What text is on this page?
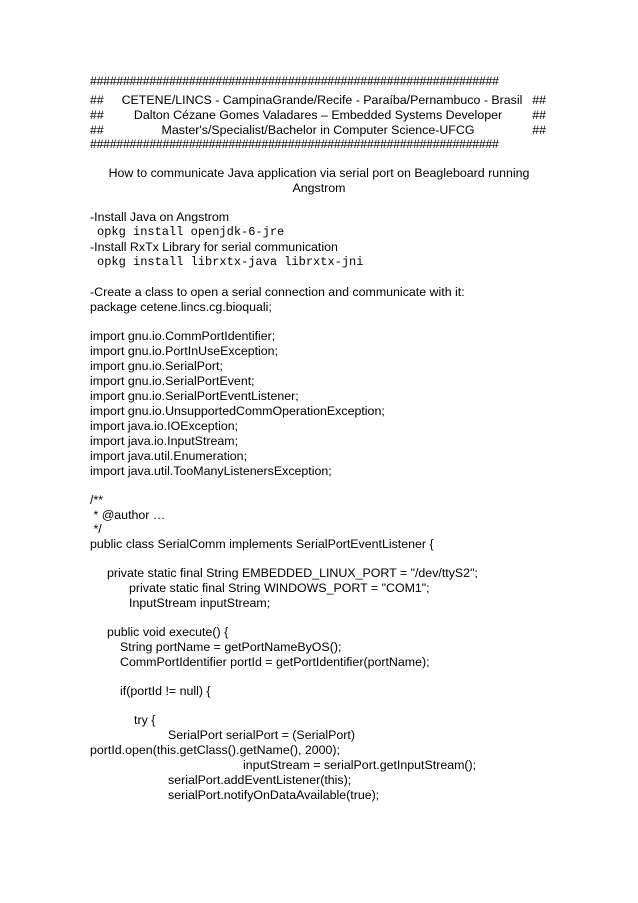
##############################################################
##	CETENE/LINCS - CampinaGrande/Recife - Paraíba/Pernambuco - Brasil ##
##	Dalton Cézane Gomes Valadares – Embedded Systems Developer	##
##	Master's/Specialist/Bachelor in Computer Science-UFCG	##
##############################################################
How to communicate Java application via serial port on Beagleboard running
Angstrom
-Install Java on Angstrom
opkg install openjdk-6-jre
-Install RxTx Library for serial communication
opkg install librxtx-java librxtx-jni
-Create a class to open a serial connection and communicate with it:
package cetene.lincs.cg.bioquali;
import gnu.io.CommPortIdentifier;
import gnu.io.PortInUseException;
import gnu.io.SerialPort;
import gnu.io.SerialPortEvent;
import gnu.io.SerialPortEventListener;
import gnu.io.UnsupportedCommOperationException;
import java.io.IOException;
import java.io.InputStream;
import java.util.Enumeration;
import java.util.TooManyListenersException;
/**
* @author …
*/
public class SerialComm implements SerialPortEventListener {
private static final String EMBEDDED_LINUX_PORT = "/dev/ttyS2";
private static final String WINDOWS_PORT = "COM1";
InputStream inputStream;
public void execute() {
String portName = getPortNameByOS();
CommPortIdentifier portId = getPortIdentifier(portName);
if(portId != null) {
try {
SerialPort serialPort = (SerialPort)
portId.open(this.getClass().getName(), 2000);
inputStream = serialPort.getInputStream();
serialPort.addEventListener(this);
serialPort.notifyOnDataAvailable(true);
